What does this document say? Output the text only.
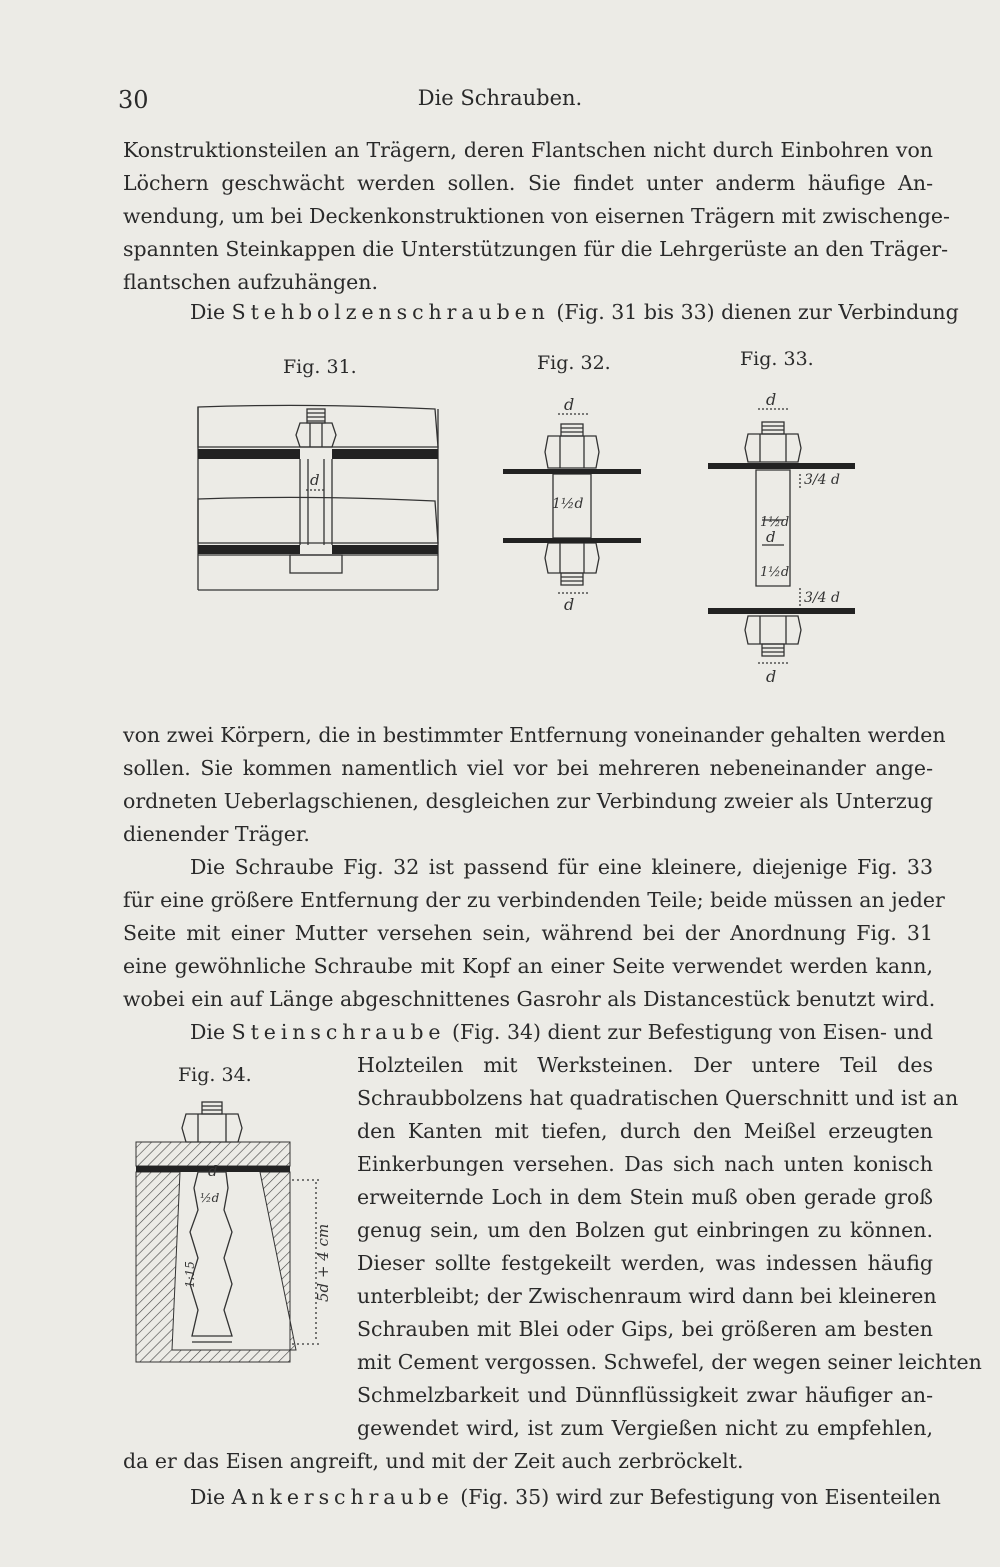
30	Die Schrauben.
Konstruktionsteilen an Trägern, deren Flantschen nicht durch Einbohren von
Löchern geschwächt werden sollen. Sie findet unter anderm häufige An-
wendung, um bei Deckenkonstruktionen von eisernen Trägern mit zwischenge-
spannten Steinkappen die Unterstützungen für die Lehrgerüste an den Träger-
flantschen aufzuhängen.
Die Stehbolzenschrauben (Fig. 31 bis 33) dienen zur Verbindung
Fig. 31.	Fig. 32.	Fig. 33.
d
d
1½d
d
d
3/4 d
1½d
d
1½d
3/4 d
d
von zwei Körpern, die in bestimmter Entfernung voneinander gehalten werden
sollen. Sie kommen namentlich viel vor bei mehreren nebeneinander ange-
ordneten Ueberlagschienen, desgleichen zur Verbindung zweier als Unterzug
dienender Träger.
Die Schraube Fig. 32 ist passend für eine kleinere, diejenige Fig. 33
für eine größere Entfernung der zu verbindenden Teile; beide müssen an jeder
Seite mit einer Mutter versehen sein, während bei der Anordnung Fig. 31
eine gewöhnliche Schraube mit Kopf an einer Seite verwendet werden kann,
wobei ein auf Länge abgeschnittenes Gasrohr als Distancestück benutzt wird.
Die Steinschraube (Fig. 34) dient zur Befestigung von Eisen- und
Fig. 34.
d
½d
1:15	5d + 4 cm
Holzteilen mit Werksteinen. Der untere Teil des
Schraubbolzens hat quadratischen Querschnitt und ist an
den Kanten mit tiefen, durch den Meißel erzeugten
Einkerbungen versehen. Das sich nach unten konisch
erweiternde Loch in dem Stein muß oben gerade groß
genug sein, um den Bolzen gut einbringen zu können.
Dieser sollte festgekeilt werden, was indessen häufig
unterbleibt; der Zwischenraum wird dann bei kleineren
Schrauben mit Blei oder Gips, bei größeren am besten
mit Cement vergossen. Schwefel, der wegen seiner leichten
Schmelzbarkeit und Dünnflüssigkeit zwar häufiger an-
gewendet wird, ist zum Vergießen nicht zu empfehlen,
da er das Eisen angreift, und mit der Zeit auch zerbröckelt.
Die Ankerschraube (Fig. 35) wird zur Befestigung von Eisenteilen
